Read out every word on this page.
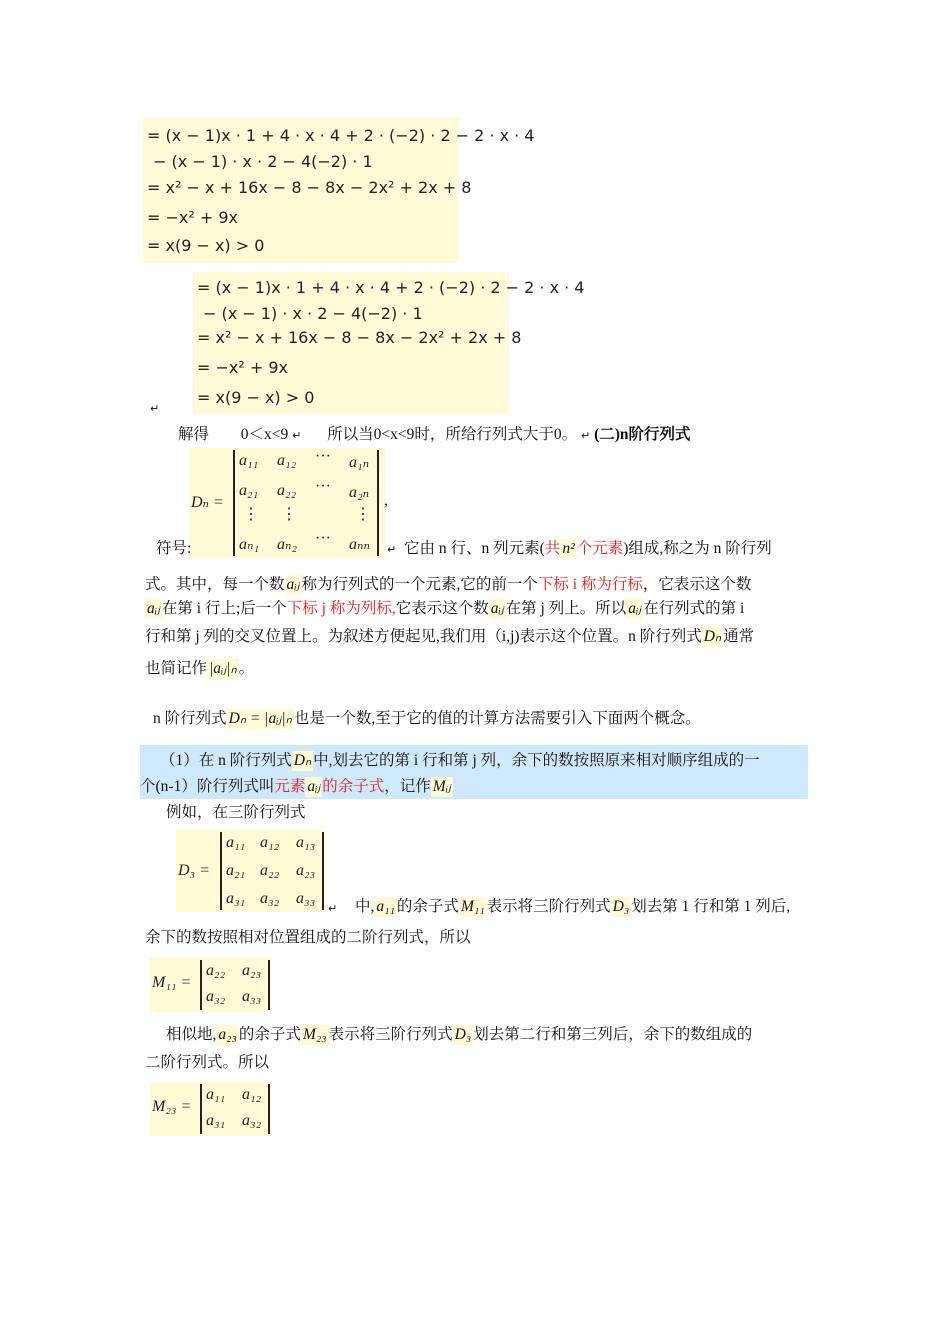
= (x − 1)x · 1 + 4 · x · 4 + 2 · (−2) · 2 − 2 · x · 4
− (x − 1) · x · 2 − 4(−2) · 1
= x² − x + 16x − 8 − 8x − 2x² + 2x + 8
= −x² + 9x
= x(9 − x) > 0
= (x − 1)x · 1 + 4 · x · 4 + 2 · (−2) · 2 − 2 · x · 4
− (x − 1) · x · 2 − 4(−2) · 1
= x² − x + 16x − 8 − 8x − 2x² + 2x + 8
= −x² + 9x
= x(9 − x) > 0
↵
解得 0＜x<9 ↵ 所以当0<x<9时，所给行列式大于0。 ↵ (二)n阶行列式
Dₙ =
a₁₁ a₁₂ ··· a₁ₙ
a₂₁ a₂₂ ··· a₂ₙ
⋮ ⋮	⋮
aₙ₁ aₙ₂ ··· aₙₙ
,
符号:	↵ 它由 n 行、n 列元素(共 n² 个元素)组成,称之为 n 阶行列
式。其中，每一个数 aᵢⱼ 称为行列式的一个元素,它的前一个下标 i 称为行标，它表示这个数
aᵢⱼ 在第 i 行上;后一个下标 j 称为列标,它表示这个数 aᵢⱼ 在第 j 列上。所以 aᵢⱼ 在行列式的第 i
行和第 j 列的交叉位置上。为叙述方便起见,我们用（i,j)表示这个位置。n 阶行列式 Dₙ 通常
也简记作 |aᵢⱼ|ₙ 。
n 阶行列式 Dₙ = |aᵢⱼ|ₙ 也是一个数,至于它的值的计算方法需要引入下面两个概念。
（1）在 n 阶行列式 Dₙ 中,划去它的第 i 行和第 j 列，余下的数按照原来相对顺序组成的一
个(n-1）阶行列式叫元素 aᵢⱼ 的余子式，记作 Mᵢⱼ
例如，在三阶行列式
D₃ =
a₁₁ a₁₂ a₁₃
a₂₁ a₂₂ a₂₃
a₃₁ a₃₂ a₃₃
↵ 中, a₁₁ 的余子式 M₁₁ 表示将三阶行列式 D₃ 划去第 1 行和第 1 列后,
余下的数按照相对位置组成的二阶行列式，所以
M₁₁ =
a₂₂ a₂₃
a₃₂ a₃₃
相似地, a₂₃ 的余子式 M₂₃ 表示将三阶行列式 D₃ 划去第二行和第三列后，余下的数组成的
二阶行列式。所以
M₂₃ =
a₁₁ a₁₂
a₃₁ a₃₂
